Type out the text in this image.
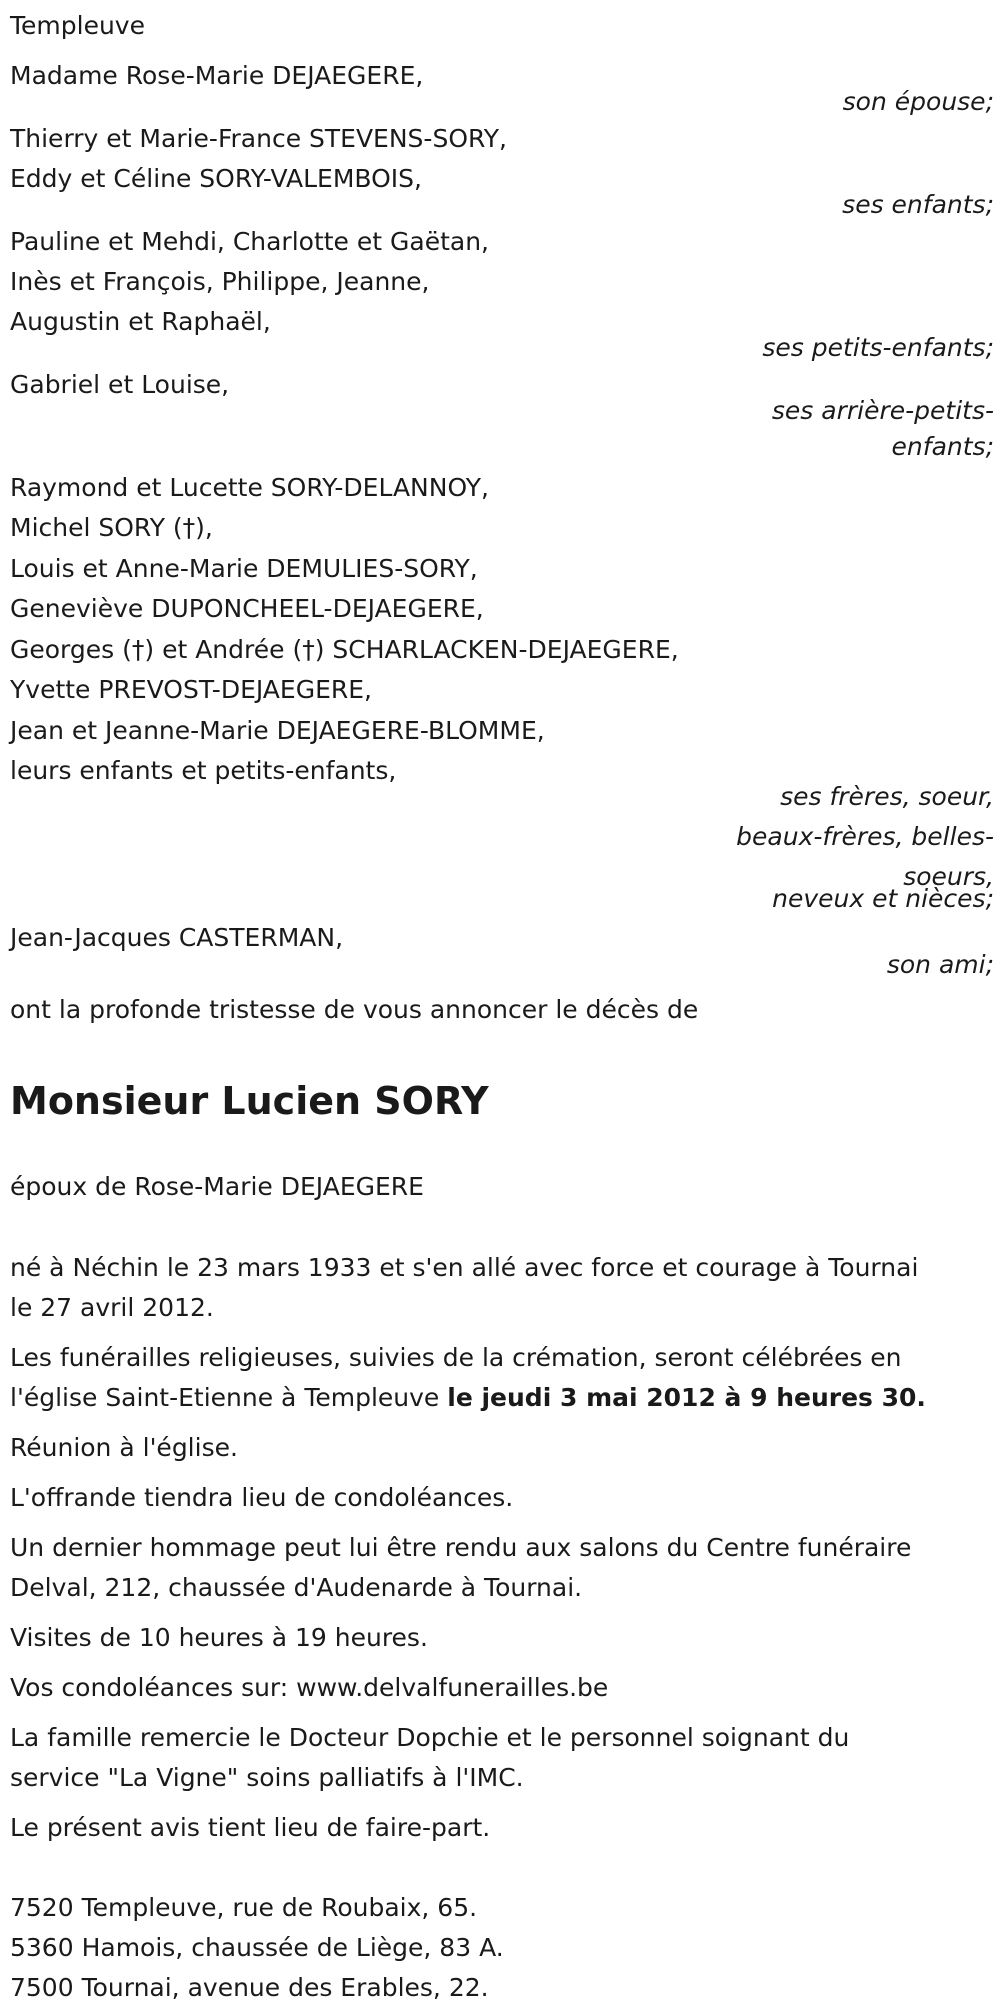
Templeuve
Madame Rose-Marie DEJAEGERE,
son épouse;
Thierry et Marie-France STEVENS-SORY,
Eddy et Céline SORY-VALEMBOIS,
ses enfants;
Pauline et Mehdi, Charlotte et Gaëtan,
Inès et François, Philippe, Jeanne,
Augustin et Raphaël,
ses petits-enfants;
Gabriel et Louise,
ses arrière-petits-
enfants;
Raymond et Lucette SORY-DELANNOY,
Michel SORY (†),
Louis et Anne-Marie DEMULIES-SORY,
Geneviève DUPONCHEEL-DEJAEGERE,
Georges (†) et Andrée (†) SCHARLACKEN-DEJAEGERE,
Yvette PREVOST-DEJAEGERE,
Jean et Jeanne-Marie DEJAEGERE-BLOMME,
leurs enfants et petits-enfants,
ses frères, soeur,
beaux-frères, belles-
soeurs,
neveux et nièces;
Jean-Jacques CASTERMAN,
son ami;
ont la profonde tristesse de vous annoncer le décès de
Monsieur Lucien SORY
époux de Rose-Marie DEJAEGERE
né à Néchin le 23 mars 1933 et s'en allé avec force et courage à Tournai
le 27 avril 2012.
Les funérailles religieuses, suivies de la crémation, seront célébrées en
l'église Saint-Etienne à Templeuve le jeudi 3 mai 2012 à 9 heures 30.
Réunion à l'église.
L'offrande tiendra lieu de condoléances.
Un dernier hommage peut lui être rendu aux salons du Centre funéraire
Delval, 212, chaussée d'Audenarde à Tournai.
Visites de 10 heures à 19 heures.
Vos condoléances sur: www.delvalfunerailles.be
La famille remercie le Docteur Dopchie et le personnel soignant du
service "La Vigne" soins palliatifs à l'IMC.
Le présent avis tient lieu de faire-part.
7520 Templeuve, rue de Roubaix, 65.
5360 Hamois, chaussée de Liège, 83 A.
7500 Tournai, avenue des Erables, 22.
